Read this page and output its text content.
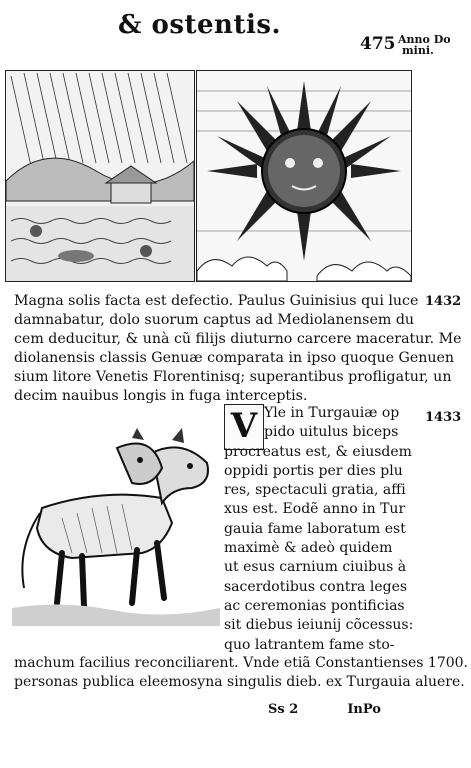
& ostentis.
475 Anno Do
mini.
Magna solis facta est defectio. Paulus Guinisius qui luce
damnabatur, dolo suorum captus ad Mediolanensem du
cem deducitur, & unà cũ filijs diuturno carcere maceratur. Me
diolanensis classis Genuæ comparata in ipso quoque Genuen
sium litore Venetis Florentinisq; superantibus profligatur, un
decim nauibus longis in fuga interceptis.
1432
V	1433
Yle in Turgauiæ op
pido uitulus biceps
procreatus est, & eiusdem
oppidi portis per dies plu
res, spectaculi gratia, affi
xus est. Eodẽ anno in Tur
gauia fame laboratum est
maximè & adeò quidem
ut esus carnium ciuibus à
sacerdotibus contra leges
ac ceremonias pontificias
sit diebus ieiunij cõcessus:
quo latrantem fame sto-
machum facilius reconciliarent. Vnde etiã Constantienses 1700.
personas publica eleemosyna singulis dieb. ex Turgauia aluere.
Ss 2	InPo
